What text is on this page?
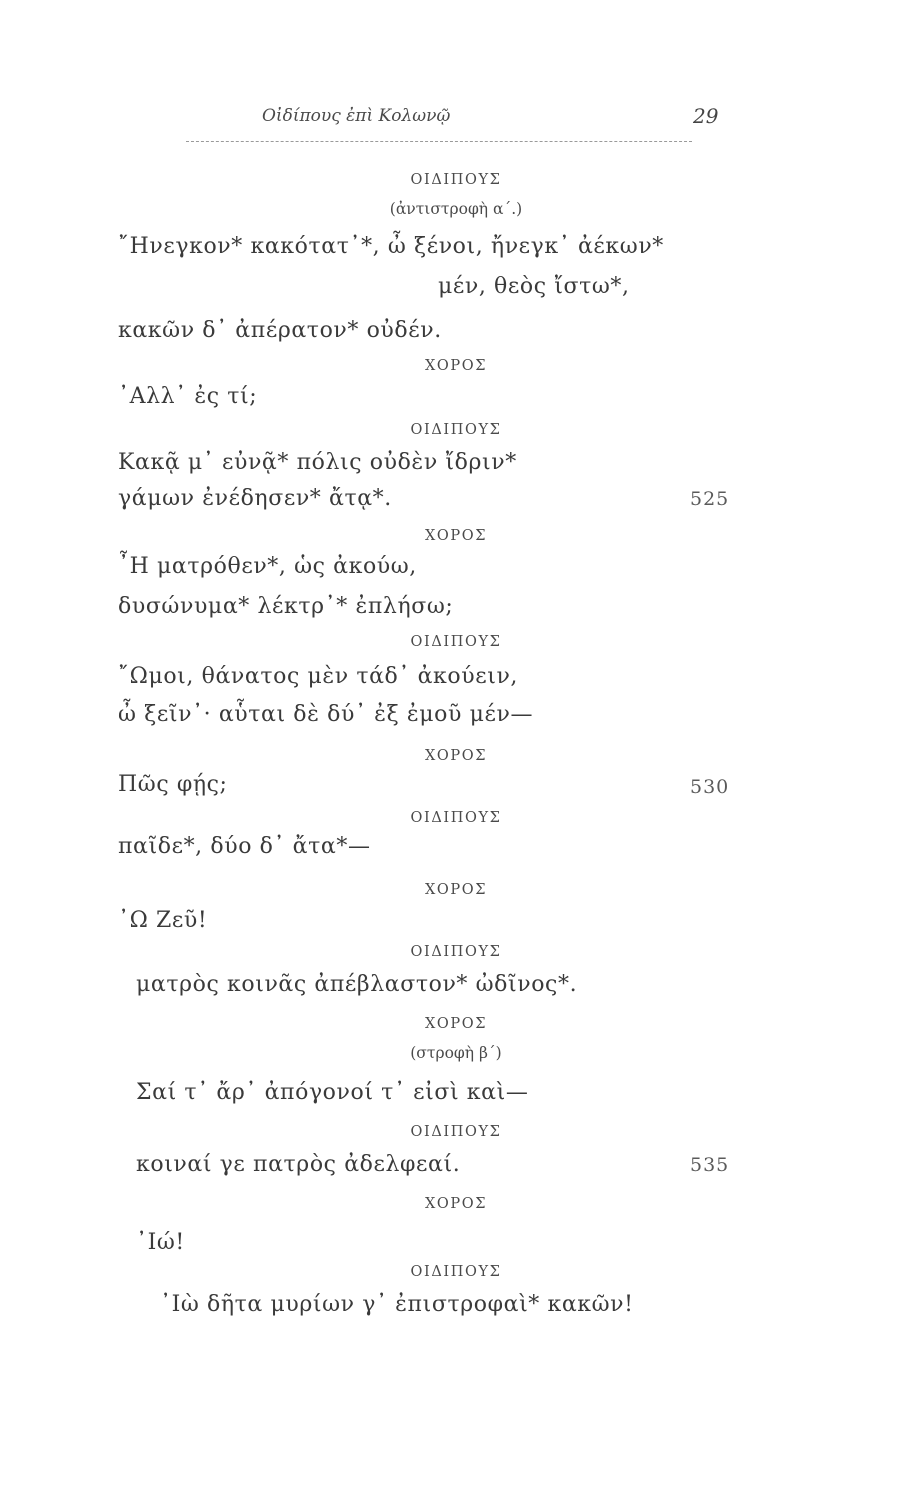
Οἰδίπους ἐπὶ Κολωνῷ	29
ΟΙΔΙΠΟΥΣ
(ἀντιστροφὴ α΄.)
῎Ηνεγκον* κακότατ᾽*, ὦ ξένοι, ἤνεγκ᾽ ἀέκων*
μέν, θεὸς ἴστω*,
κακῶν δ᾽ ἀπέρατον* οὐδέν.
ΧΟΡΟΣ
᾽Αλλ᾽ ἐς τί;
ΟΙΔΙΠΟΥΣ
Κακᾷ μ᾽ εὐνᾷ* πόλις οὐδὲν ἴδριν*
γάμων ἐνέδησεν* ἄτᾳ*.	525
ΧΟΡΟΣ
῏Η ματρόθεν*, ὡς ἀκούω,
δυσώνυμα* λέκτρ᾽* ἐπλήσω;
ΟΙΔΙΠΟΥΣ
῎Ωμοι, θάνατος μὲν τάδ᾽ ἀκούειν,
ὦ ξεῖν᾽· αὗται δὲ δύ᾽ ἐξ ἐμοῦ μέν—
ΧΟΡΟΣ
Πῶς φῄς;	530
ΟΙΔΙΠΟΥΣ
παῖδε*, δύο δ᾽ ἄτα*—
ΧΟΡΟΣ
᾽Ω Ζεῦ!
ΟΙΔΙΠΟΥΣ
ματρὸς κοινᾶς ἀπέβλαστον* ὠδῖνος*.
ΧΟΡΟΣ
(στροφὴ β΄)
Σαί τ᾽ ἄρ᾽ ἀπόγονοί τ᾽ εἰσὶ καὶ—
ΟΙΔΙΠΟΥΣ
κοιναί γε πατρὸς ἀδελφεαί.	535
ΧΟΡΟΣ
᾽Ιώ!
ΟΙΔΙΠΟΥΣ
᾽Ιὼ δῆτα μυρίων γ᾽ ἐπιστροφαὶ* κακῶν!
